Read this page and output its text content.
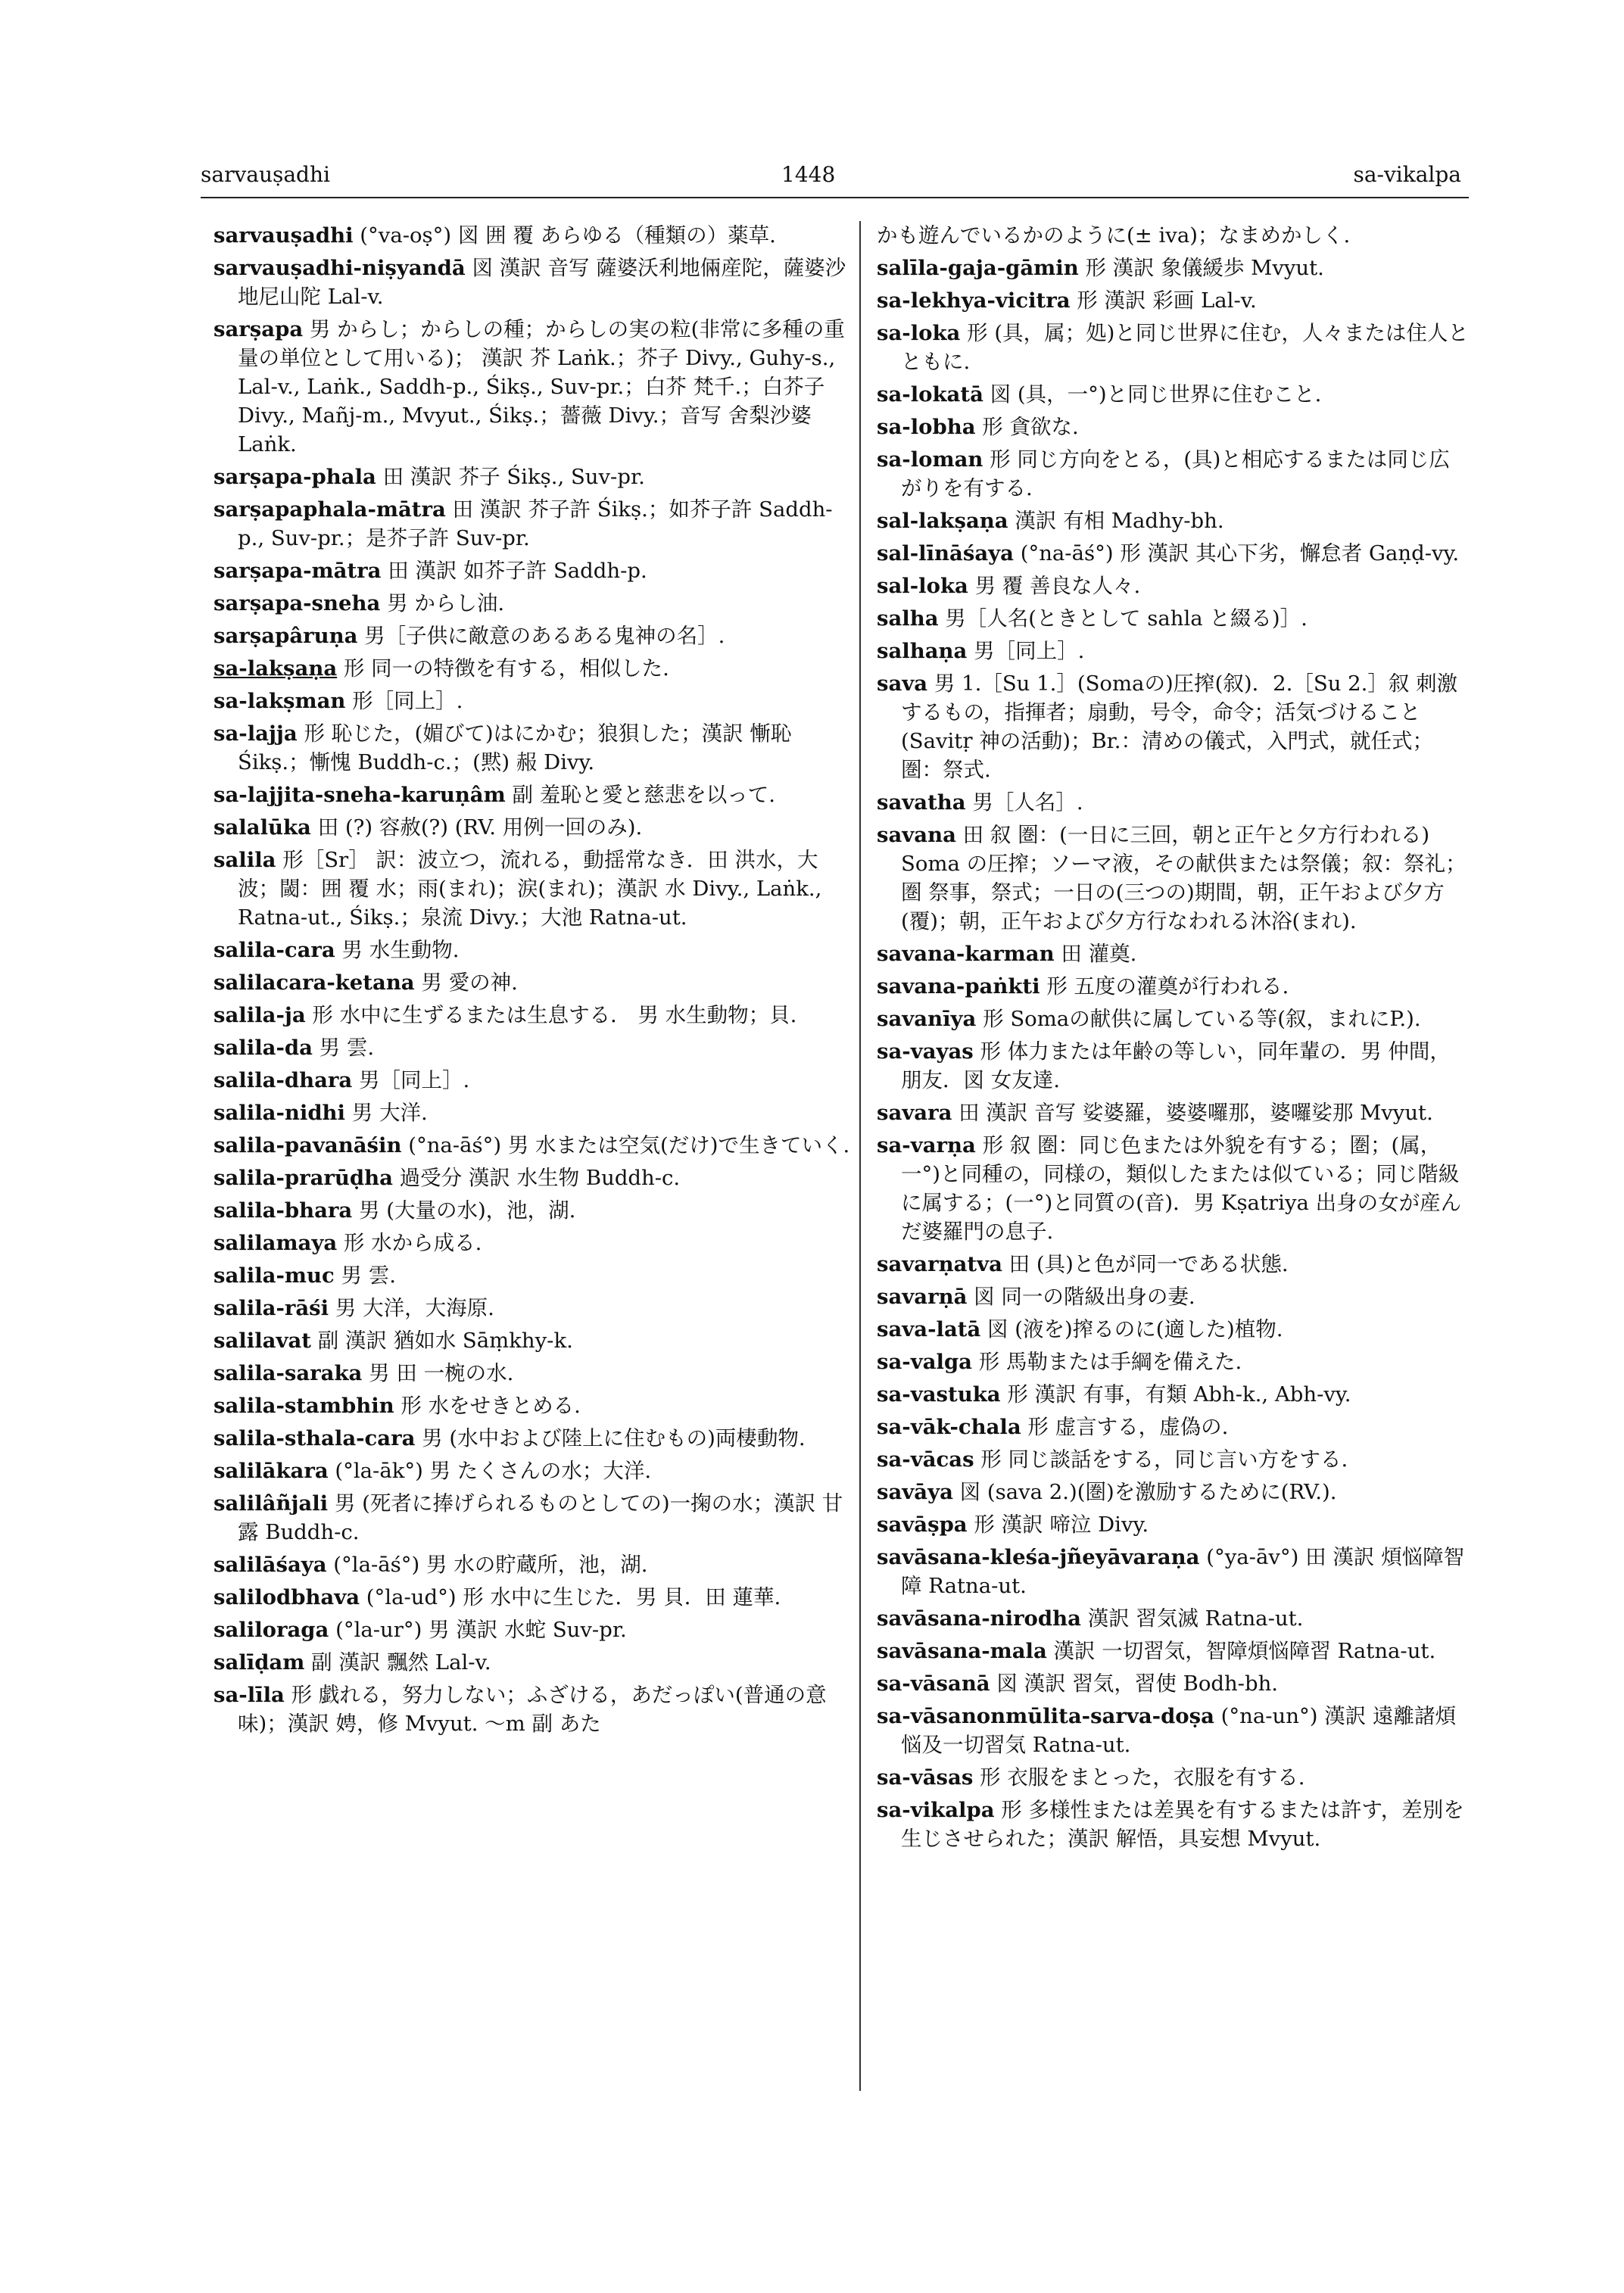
sarvauṣadhi	1448	sa-vikalpa
sarvauṣadhi (°va-oṣ°) 図 囲 覆 あらゆる（種類の）薬草.
sarvauṣadhi-niṣyandā 図 漢訳 音写 薩婆沃利地倆産陀，薩婆沙地尼山陀 Lal-v.
sarṣapa 男 からし；からしの種；からしの実の粒(非常に多種の重量の単位として用いる)； 漢訳 芥 Laṅk.；芥子 Divy., Guhy-s., Lal-v., Laṅk., Saddh-p., Śikṣ., Suv-pr.；白芥 梵千.；白芥子 Divy., Mañj-m., Mvyut., Śikṣ.；薔薇 Divy.；音写 舍梨沙婆 Laṅk.
sarṣapa-phala 田 漢訳 芥子 Śikṣ., Suv-pr.
sarṣapaphala-mātra 田 漢訳 芥子許 Śikṣ.；如芥子許 Saddh-p., Suv-pr.；是芥子許 Suv-pr.
sarṣapa-mātra 田 漢訳 如芥子許 Saddh-p.
sarṣapa-sneha 男 からし油.
sarṣapâruṇa 男［子供に敵意のあるある鬼神の名］.
sa-lakṣaṇa 形 同一の特徴を有する，相似した.
sa-lakṣman 形［同上］.
sa-lajja 形 恥じた，(媚びて)はにかむ；狼狽した；漢訳 慚恥 Śikṣ.；慚愧 Buddh-c.；(黙) 赧 Divy.
sa-lajjita-sneha-karuṇâm 副 羞恥と愛と慈悲を以って.
salalūka 田 (?) 容赦(?) (RV. 用例一回のみ).
salila 形［Sr］ 訳：波立つ，流れる，動揺常なき．田 洪水，大波；閾：囲 覆 水；雨(まれ)；涙(まれ)；漢訳 水 Divy., Laṅk., Ratna-ut., Śikṣ.；泉流 Divy.；大池 Ratna-ut.
salila-cara 男 水生動物.
salilacara-ketana 男 愛の神.
salila-ja 形 水中に生ずるまたは生息する． 男 水生動物；貝.
salila-da 男 雲.
salila-dhara 男［同上］.
salila-nidhi 男 大洋.
salila-pavanāśin (°na-āś°) 男 水または空気(だけ)で生きていく.
salila-prarūḍha 過受分 漢訳 水生物 Buddh-c.
salila-bhara 男 (大量の水)，池，湖.
salilamaya 形 水から成る.
salila-muc 男 雲.
salila-rāśi 男 大洋，大海原.
salilavat 副 漢訳 猶如水 Sāṃkhy-k.
salila-saraka 男 田 一椀の水.
salila-stambhin 形 水をせきとめる.
salila-sthala-cara 男 (水中および陸上に住むもの)両棲動物.
salilākara (°la-āk°) 男 たくさんの水；大洋.
salilâñjali 男 (死者に捧げられるものとしての)一掬の水；漢訳 甘露 Buddh-c.
salilāśaya (°la-āś°) 男 水の貯蔵所，池，湖.
salilodbhava (°la-ud°) 形 水中に生じた．男 貝．田 蓮華.
saliloraga (°la-ur°) 男 漢訳 水蛇 Suv-pr.
salīḍam 副 漢訳 飄然 Lal-v.
sa-līla 形 戯れる，努力しない；ふざける，あだっぽい(普通の意味)；漢訳 娉，修 Mvyut. ～m 副 あた
かも遊んでいるかのように(± iva)；なまめかしく.
salīla-gaja-gāmin 形 漢訳 象儀緩歩 Mvyut.
sa-lekhya-vicitra 形 漢訳 彩画 Lal-v.
sa-loka 形 (具，属；処)と同じ世界に住む，人々または住人とともに.
sa-lokatā 図 (具，一°)と同じ世界に住むこと.
sa-lobha 形 貪欲な.
sa-loman 形 同じ方向をとる，(具)と相応するまたは同じ広がりを有する.
sal-lakṣaṇa 漢訳 有相 Madhy-bh.
sal-līnāśaya (°na-āś°) 形 漢訳 其心下劣，懈怠者 Gaṇḍ-vy.
sal-loka 男 覆 善良な人々.
salha 男［人名(ときとして sahla と綴る)］.
salhaṇa 男［同上］.
sava 男 1.［Su 1.］(Somaの)圧搾(叙)．2.［Su 2.］叙 刺激するもの，指揮者；扇動，号令，命令；活気づけること (Savitṛ 神の活動)；Br.：清めの儀式，入門式，就任式；圏：祭式.
savatha 男［人名］.
savana 田 叙 圏：(一日に三回，朝と正午と夕方行われる) Soma の圧搾；ソーマ液，その献供または祭儀；叙：祭礼；圏 祭事，祭式；一日の(三つの)期間，朝，正午および夕方(覆)；朝，正午および夕方行なわれる沐浴(まれ).
savana-karman 田 灌奠.
savana-paṅkti 形 五度の灌奠が行われる.
savanīya 形 Somaの献供に属している等(叙，まれにP.).
sa-vayas 形 体力または年齢の等しい，同年輩の．男 仲間，朋友．図 女友達.
savara 田 漢訳 音写 娑婆羅，婆婆囉那，婆囉娑那 Mvyut.
sa-varṇa 形 叙 圏：同じ色または外貌を有する；圏；(属，一°)と同種の，同様の，類似したまたは似ている；同じ階級に属する；(一°)と同質の(音)．男 Kṣatriya 出身の女が産んだ婆羅門の息子.
savarṇatva 田 (具)と色が同一である状態.
savarṇā 図 同一の階級出身の妻.
sava-latā 図 (液を)搾るのに(適した)植物.
sa-valga 形 馬勒または手綱を備えた.
sa-vastuka 形 漢訳 有事，有類 Abh-k., Abh-vy.
sa-vāk-chala 形 虚言する，虚偽の.
sa-vācas 形 同じ談話をする，同じ言い方をする.
savāya 図 (sava 2.)(圏)を激励するために(RV.).
savāṣpa 形 漢訳 啼泣 Divy.
savāsana-kleśa-jñeyāvaraṇa (°ya-āv°) 田 漢訳 煩悩障智障 Ratna-ut.
savāsana-nirodha 漢訳 習気滅 Ratna-ut.
savāsana-mala 漢訳 一切習気，智障煩悩障習 Ratna-ut.
sa-vāsanā 図 漢訳 習気，習使 Bodh-bh.
sa-vāsanonmūlita-sarva-doṣa (°na-un°) 漢訳 遠離諸煩悩及一切習気 Ratna-ut.
sa-vāsas 形 衣服をまとった，衣服を有する.
sa-vikalpa 形 多様性または差異を有するまたは許す，差別を生じさせられた；漢訳 解悟，具妄想 Mvyut.
